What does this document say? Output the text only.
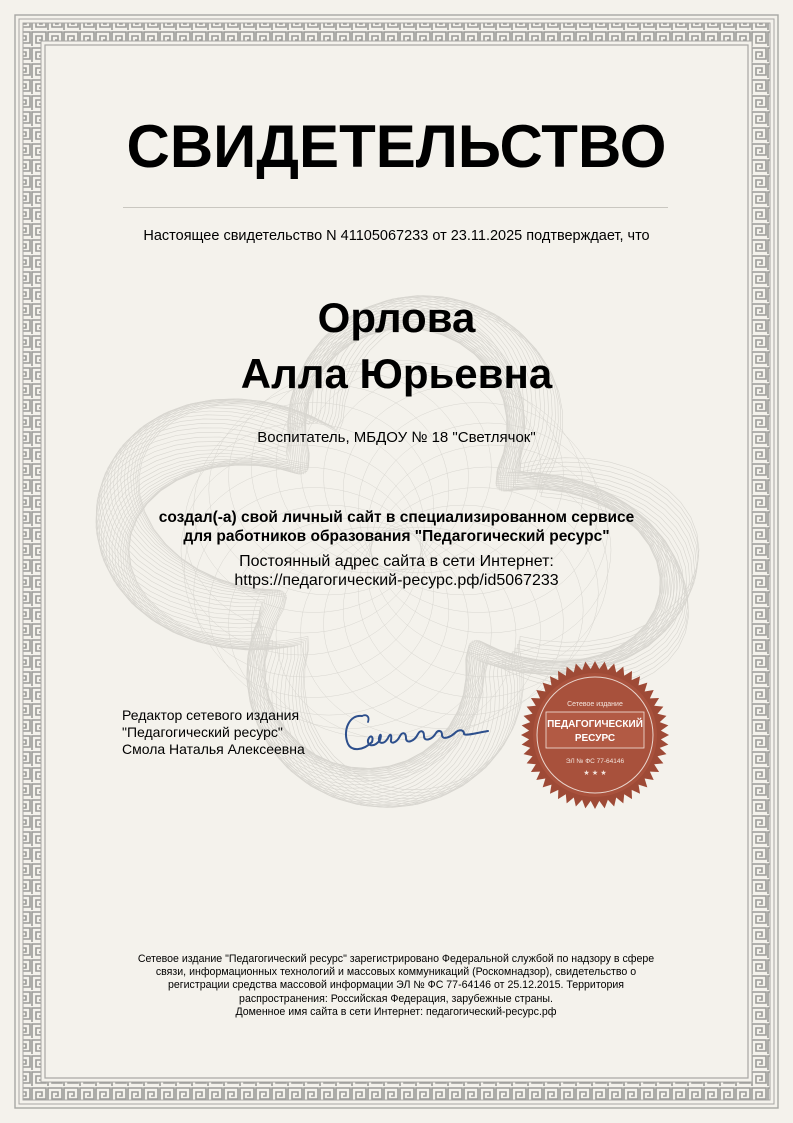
СВИДЕТЕЛЬСТВО
Настоящее свидетельство N 41105067233 от 23.11.2025 подтверждает, что
Орлова
Алла Юрьевна
Воспитатель, МБДОУ № 18 "Светлячок"
создал(-а) свой личный сайт в специализированном сервисе
для работников образования "Педагогический ресурс"
Постоянный адрес сайта в сети Интернет:
https://педагогический-ресурс.рф/id5067233
Редактор сетевого издания
"Педагогический ресурс"
Смола Наталья Алексеевна
Сетевое издание
ПЕДАГОГИЧЕСКИЙ
РЕСУРС
ЭЛ № ФС 77-64146
★ ★ ★
Сетевое издание "Педагогический ресурс" зарегистрировано Федеральной службой по надзору в сфере
связи, информационных технологий и массовых коммуникаций (Роскомнадзор), свидетельство о
регистрации средства массовой информации ЭЛ № ФС 77-64146 от 25.12.2015. Территория
распространения: Российская Федерация, зарубежные страны.
Доменное имя сайта в сети Интернет: педагогический-ресурс.рф
